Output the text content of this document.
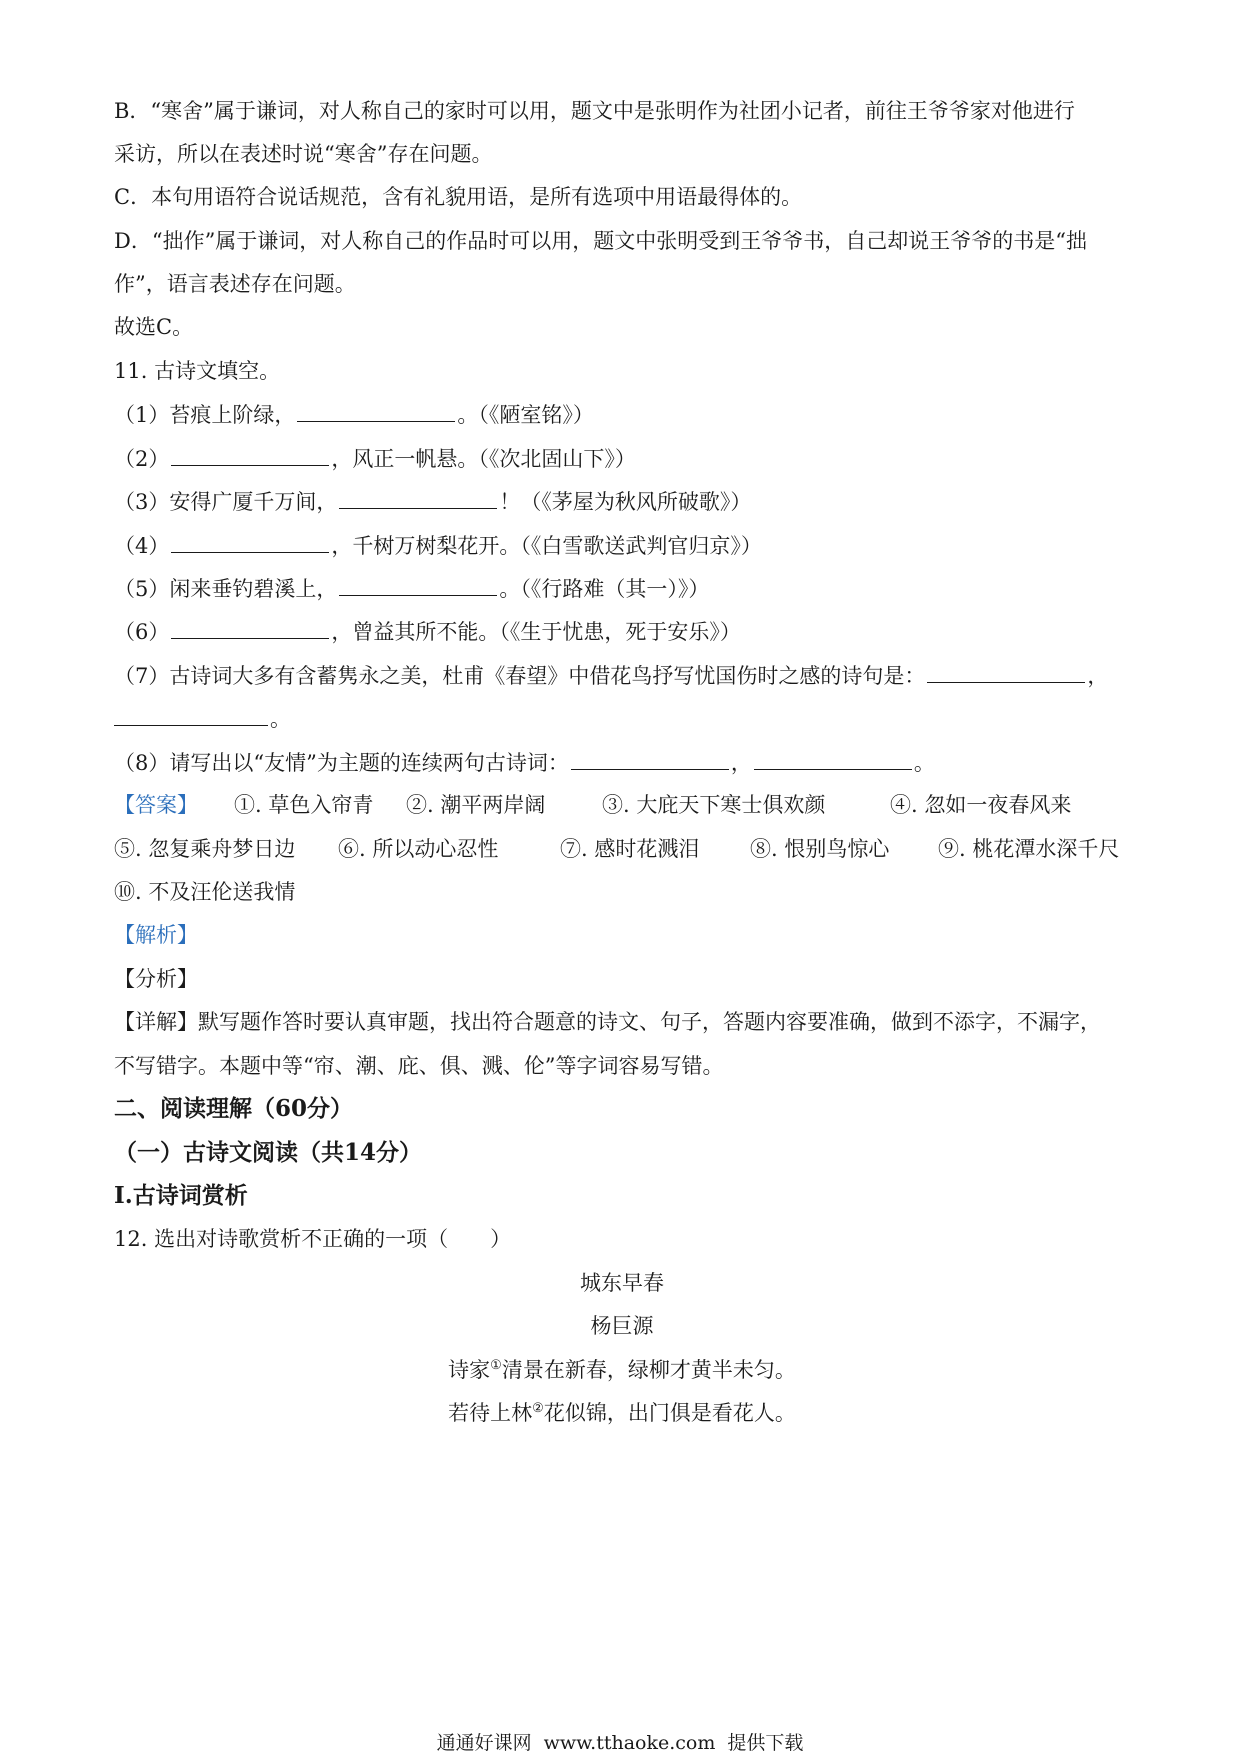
B．“寒舍”属于谦词，对人称自己的家时可以用，题文中是张明作为社团小记者，前往王爷爷家对他进行
采访，所以在表述时说“寒舍”存在问题。
C．本句用语符合说话规范，含有礼貌用语，是所有选项中用语最得体的。
D．“拙作”属于谦词，对人称自己的作品时可以用，题文中张明受到王爷爷书，自己却说王爷爷的书是“拙
作”，语言表述存在问题。
故选C。
11. 古诗文填空。
（1）苔痕上阶绿，	。（《陋室铭》）
（2）	，风正一帆悬。（《次北固山下》）
（3）安得广厦千万间，	！（《茅屋为秋风所破歌》）
（4）	，千树万树梨花开。（《白雪歌送武判官归京》）
（5）闲来垂钓碧溪上，	。（《行路难（其一）》）
（6）	，曾益其所不能。（《生于忧患，死于安乐》）
（7）古诗词大多有含蓄隽永之美，杜甫《春望》中借花鸟抒写忧国伤时之感的诗句是：	，
。
（8）请写出以“友情”为主题的连续两句古诗词：	，	。
【答案】 ①. 草色入帘青 ②. 潮平两岸阔	③. 大庇天下寒士俱欢颜	④. 忽如一夜春风来
⑤. 忽复乘舟梦日边 ⑥. 所以动心忍性	⑦. 感时花溅泪 ⑧. 恨别鸟惊心 ⑨. 桃花潭水深千尺
⑩. 不及汪伦送我情
【解析】
【分析】
【详解】默写题作答时要认真审题，找出符合题意的诗文、句子，答题内容要准确，做到不添字，不漏字，
不写错字。本题中等“帘、潮、庇、俱、溅、伦”等字词容易写错。
二、阅读理解（60分）
（一）古诗文阅读（共14分）
Ⅰ.古诗词赏析
12. 选出对诗歌赏析不正确的一项（　　）
城东早春
杨巨源
诗家①清景在新春，绿柳才黄半未匀。
若待上林②花似锦，出门俱是看花人。
通通好课网 www.tthaoke.com 提供下载
